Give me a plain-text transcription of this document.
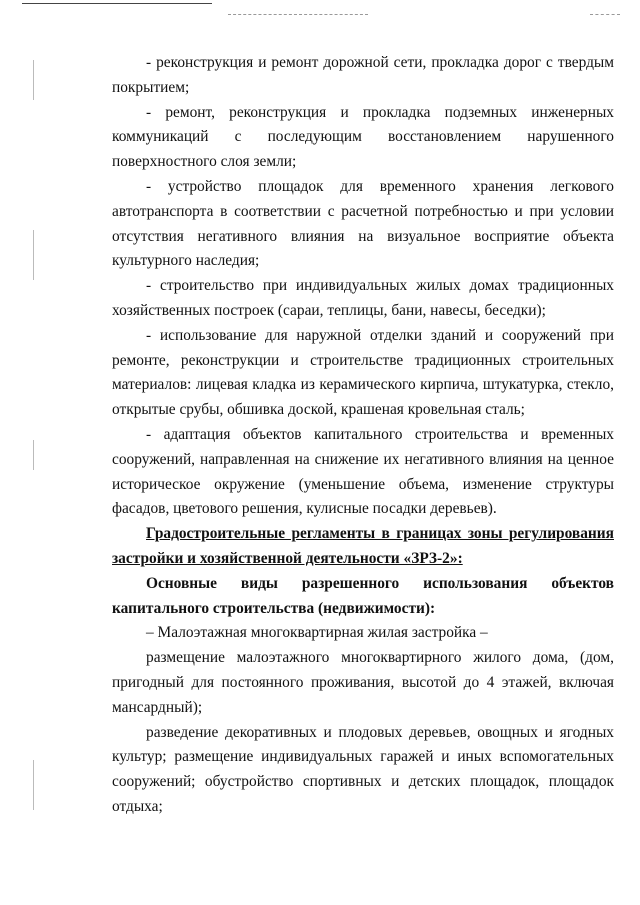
- реконструкция и ремонт дорожной сети, прокладка дорог с твердым покрытием;

- ремонт, реконструкция и прокладка подземных инженерных коммуникаций с последующим восстановлением нарушенного поверхностного слоя земли;

- устройство площадок для временного хранения легкового автотранспорта в соответствии с расчетной потребностью и при условии отсутствия негативного влияния на визуальное восприятие объекта культурного наследия;

- строительство при индивидуальных жилых домах традиционных хозяйственных построек (сараи, теплицы, бани, навесы, беседки);

- использование для наружной отделки зданий и сооружений при ремонте, реконструкции и строительстве традиционных строительных материалов: лицевая кладка из керамического кирпича, штукатурка, стекло, открытые срубы, обшивка доской, крашеная кровельная сталь;

- адаптация объектов капитального строительства и временных сооружений, направленная на снижение их негативного влияния на ценное историческое окружение (уменьшение объема, изменение структуры фасадов, цветового решения, кулисные посадки деревьев).

Градостроительные регламенты в границах зоны регулирования застройки и хозяйственной деятельности «ЗРЗ-2»:

Основные виды разрешенного использования объектов капитального строительства (недвижимости):

– Малоэтажная многоквартирная жилая застройка –

размещение малоэтажного многоквартирного жилого дома, (дом, пригодный для постоянного проживания, высотой до 4 этажей, включая мансардный);

разведение декоративных и плодовых деревьев, овощных и ягодных культур; размещение индивидуальных гаражей и иных вспомогательных сооружений; обустройство спортивных и детских площадок, площадок отдыха;
